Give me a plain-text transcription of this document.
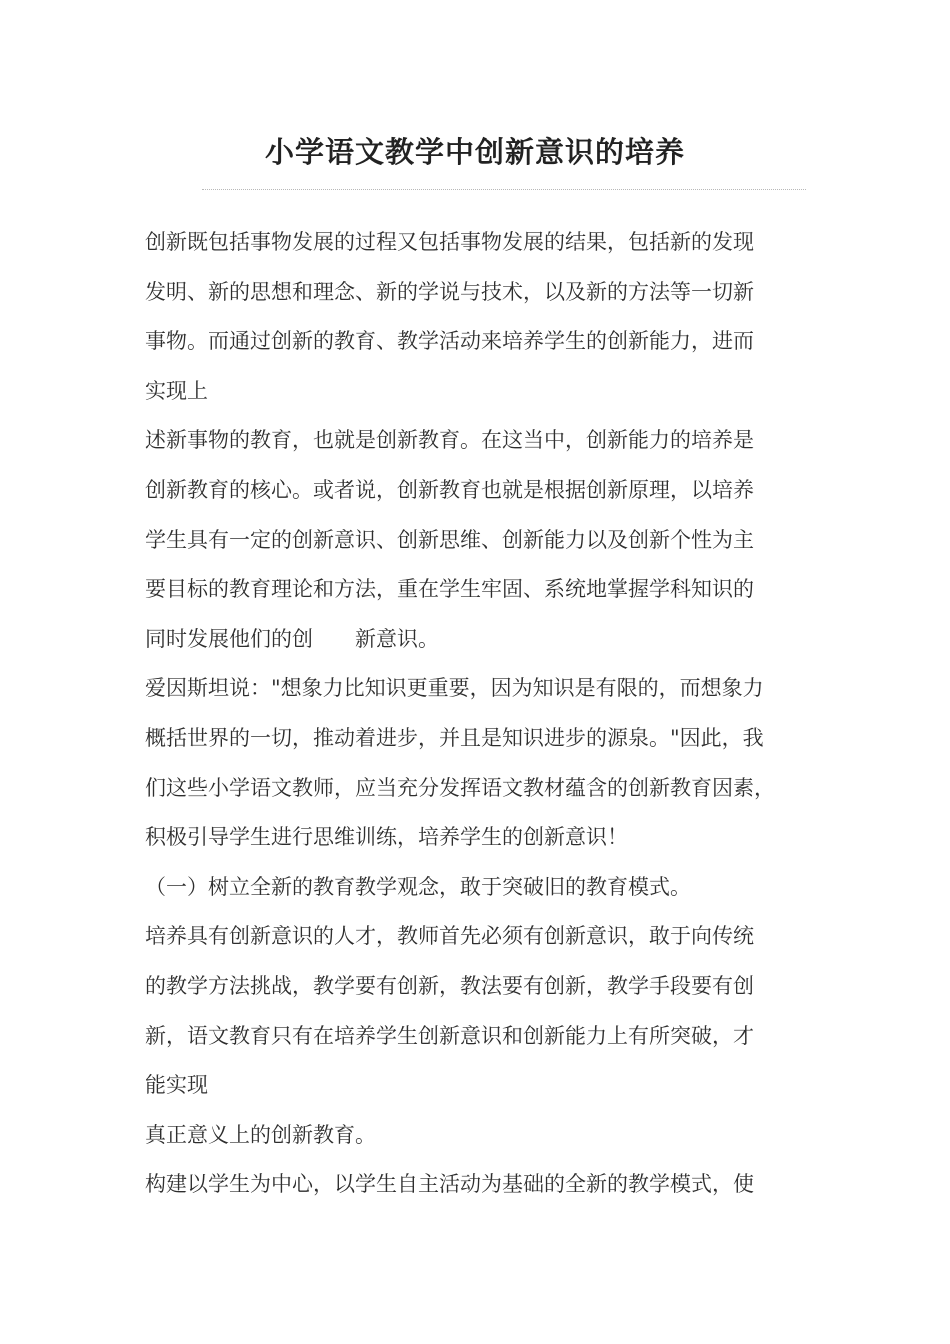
小学语文教学中创新意识的培养
创新既包括事物发展的过程又包括事物发展的结果，包括新的发现
发明、新的思想和理念、新的学说与技术，以及新的方法等一切新
事物。而通过创新的教育、教学活动来培养学生的创新能力，进而
实现上
述新事物的教育，也就是创新教育。在这当中，创新能力的培养是
创新教育的核心。或者说，创新教育也就是根据创新原理，以培养
学生具有一定的创新意识、创新思维、创新能力以及创新个性为主
要目标的教育理论和方法，重在学生牢固、系统地掌握学科知识的
同时发展他们的创　　新意识。
爱因斯坦说："想象力比知识更重要，因为知识是有限的，而想象力
概括世界的一切，推动着进步，并且是知识进步的源泉。"因此，我
们这些小学语文教师，应当充分发挥语文教材蕴含的创新教育因素，
积极引导学生进行思维训练，培养学生的创新意识！
（一）树立全新的教育教学观念，敢于突破旧的教育模式。
培养具有创新意识的人才，教师首先必须有创新意识，敢于向传统
的教学方法挑战，教学要有创新，教法要有创新，教学手段要有创
新，语文教育只有在培养学生创新意识和创新能力上有所突破，才
能实现
真正意义上的创新教育。
构建以学生为中心，以学生自主活动为基础的全新的教学模式，使
